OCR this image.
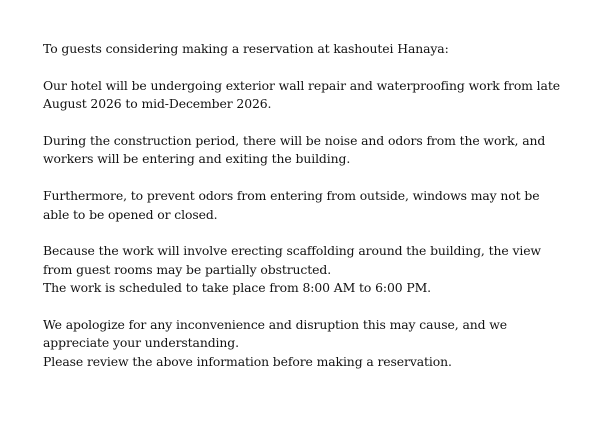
To guests considering making a reservation at kashoutei Hanaya:

Our hotel will be undergoing exterior wall repair and waterproofing work from late August 2026 to mid-December 2026.

During the construction period, there will be noise and odors from the work, and workers will be entering and exiting the building.

Furthermore, to prevent odors from entering from outside, windows may not be able to be opened or closed.

Because the work will involve erecting scaffolding around the building, the view from guest rooms may be partially obstructed.
The work is scheduled to take place from 8:00 AM to 6:00 PM.

We apologize for any inconvenience and disruption this may cause, and we appreciate your understanding.
Please review the above information before making a reservation.
